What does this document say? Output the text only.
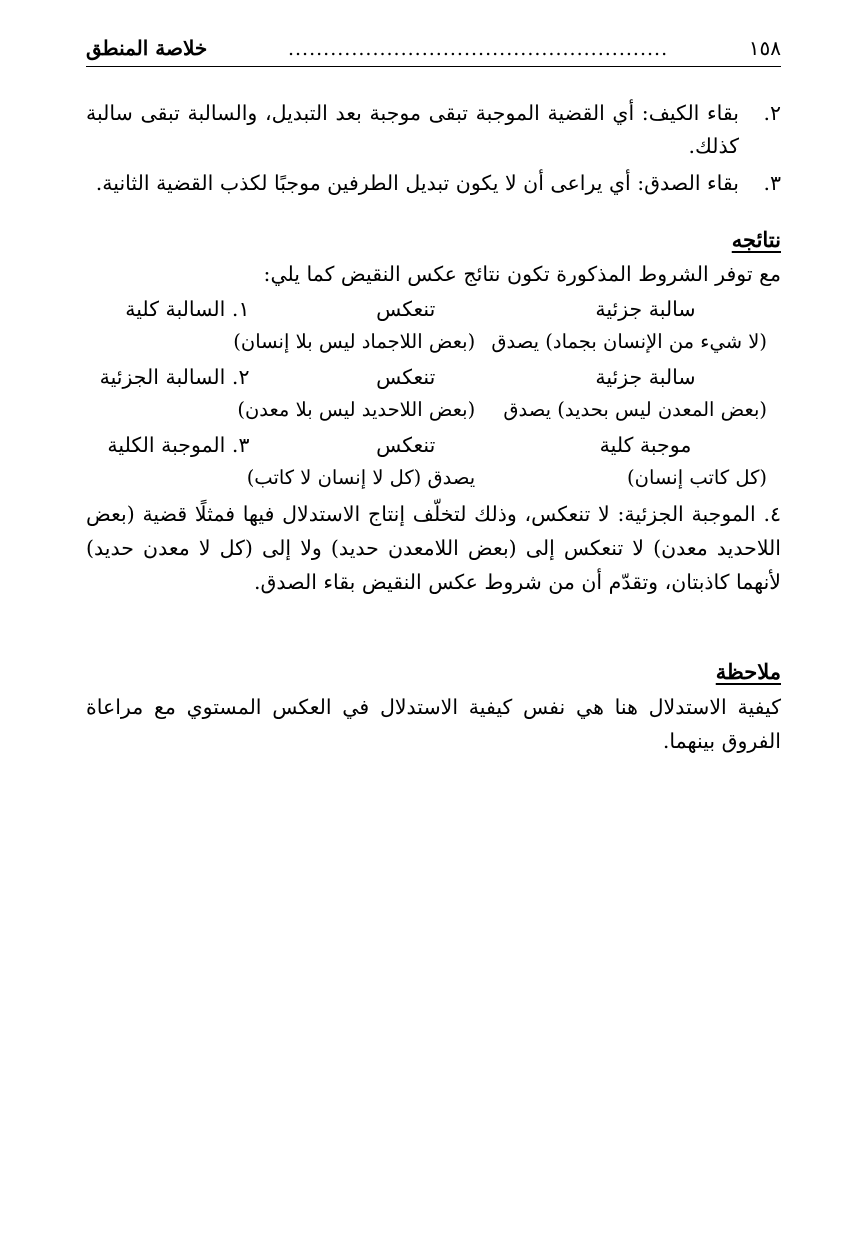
خلاصة المنطق	......................................................	١٥٨
٢.
بقاء الكيف: أي القضية الموجبة تبقى موجبة بعد التبديل، والسالبة تبقى سالبة كذلك.
٣.
بقاء الصدق: أي يراعى أن لا يكون تبديل الطرفين موجبًا لكذب القضية الثانية.
نتائجه
مع توفر الشروط المذكورة تكون نتائج عكس النقيض كما يلي:
سالبة جزئية
تنعكس
١. السالبة كلية
(لا شيء من الإنسان بجماد) يصدق
(بعض اللاجماد ليس بلا إنسان)
سالبة جزئية
تنعكس
٢. السالبة الجزئية
(بعض المعدن ليس بحديد) يصدق
(بعض اللاحديد ليس بلا معدن)
موجبة كلية
تنعكس
٣. الموجبة الكلية
(كل كاتب إنسان)
يصدق (كل لا إنسان لا كاتب)
٤. الموجبة الجزئية: لا تنعكس، وذلك لتخلّف إنتاج الاستدلال فيها فمثلًا قضية (بعض اللاحديد معدن) لا تنعكس إلى (بعض اللامعدن حديد) ولا إلى (كل لا معدن حديد) لأنهما كاذبتان، وتقدّم أن من شروط عكس النقيض بقاء الصدق.
ملاحظة
كيفية الاستدلال هنا هي نفس كيفية الاستدلال في العكس المستوي مع مراعاة الفروق بينهما.
